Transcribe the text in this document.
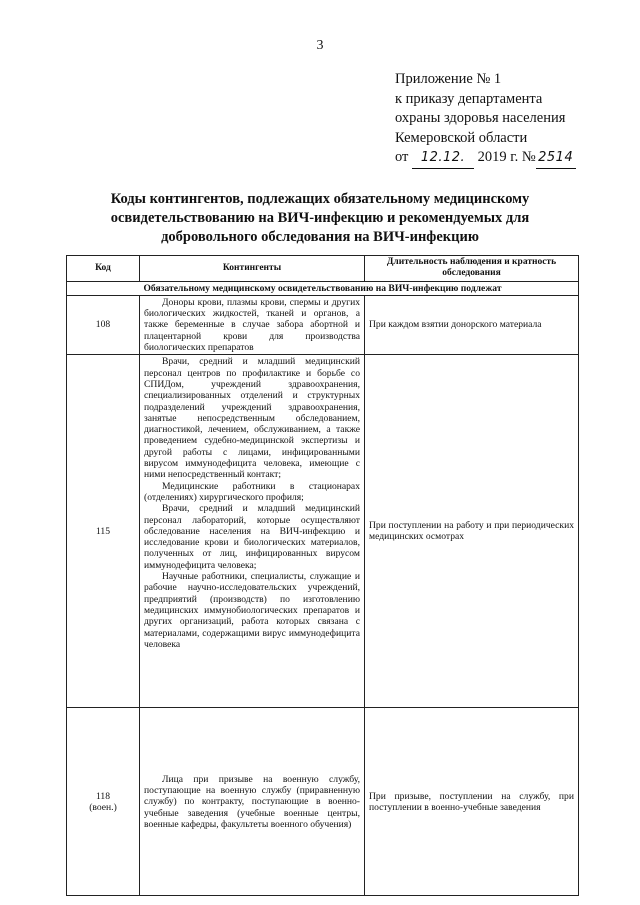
3
Приложение № 1
к приказу департамента
охраны здоровья населения
Кемеровской области
от 12.12. 2019 г. № 2514
Коды контингентов, подлежащих обязательному медицинскому
освидетельствованию на ВИЧ-инфекцию и рекомендуемых для
добровольного обследования на ВИЧ-инфекцию
Код	Контингенты	Длительность наблюдения и кратность обследования
Обязательному медицинскому освидетельствованию на ВИЧ-инфекцию подлежат		

108	Доноры крови, плазмы крови, спермы и других биологических жидкостей, тканей и органов, а также беременные в случае забора абортной и плацентарной крови для производства биологических препаратов	При каждом взятии донорского материала

115	Врачи, средний и младший медицинский персонал центров по профилактике и борьбе со СПИДом, учреждений здравоохранения, специализированных отделений и структурных подразделений учреждений здравоохранения, занятые непосредственным обследованием, диагностикой, лечением, обслуживанием, а также проведением судебно-медицинской экспертизы и другой работы с лицами, инфицированными вирусом иммунодефицита человека, имеющие с ними непосредственный контакт;

Медицинские работники в стационарах (отделениях) хирургического профиля;

Врачи, средний и младший медицинский персонал лабораторий, которые осуществляют обследование населения на ВИЧ-инфекцию и исследование крови и биологических материалов, полученных от лиц, инфицированных вирусом иммунодефицита человека;

Научные работники, специалисты, служащие и рабочие научно-исследовательских учреждений, предприятий (производств) по изготовлению медицинских иммунобиологических препаратов и других организаций, работа которых связана с материалами, содержащими вирус иммунодефицита человека	При поступлении на работу и при периодических медицинских осмотрах

118
(воен.)	Лица при призыве на военную службу, поступающие на военную службу (приравненную службу) по контракту, поступающие в военно-учебные заведения (учебные военные центры, военные кафедры, факультеты военного обучения)	При призыве, поступлении на службу, при поступлении в военно-учебные заведения
